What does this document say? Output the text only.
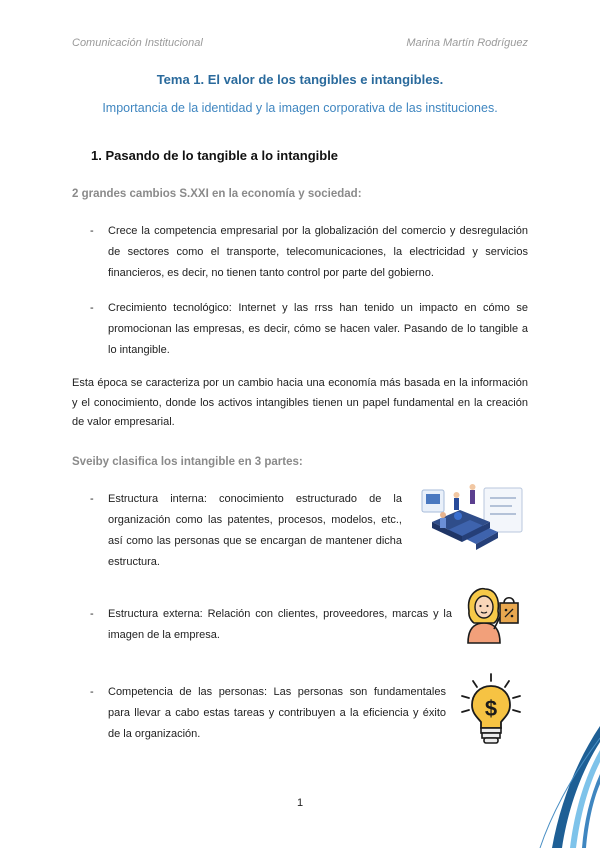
Comunicación Institucional	Marina Martín Rodríguez
Tema 1. El valor de los tangibles e intangibles.
Importancia de la identidad y la imagen corporativa de las instituciones.
1. Pasando de lo tangible a lo intangible
2 grandes cambios S.XXI en la economía y sociedad:
- Crece la competencia empresarial por la globalización del comercio y desregulación de sectores como el transporte, telecomunicaciones, la electricidad y servicios financieros, es decir, no tienen tanto control por parte del gobierno.
- Crecimiento tecnológico: Internet y las rrss han tenido un impacto en cómo se promocionan las empresas, es decir, cómo se hacen valer. Pasando de lo tangible a lo intangible.
Esta época se caracteriza por un cambio hacia una economía más basada en la información y el conocimiento, donde los activos intangibles tienen un papel fundamental en la creación de valor empresarial.
Sveiby clasifica los intangible en 3 partes:
- Estructura interna: conocimiento estructurado de la organización como las patentes, procesos, modelos, etc., así como las personas que se encargan de mantener dicha estructura.
- Estructura externa: Relación con clientes, proveedores, marcas y la imagen de la empresa.
- Competencia de las personas: Las personas son fundamentales para llevar a cabo estas tareas y contribuyen a la eficiencia y éxito de la organización.
$
1
